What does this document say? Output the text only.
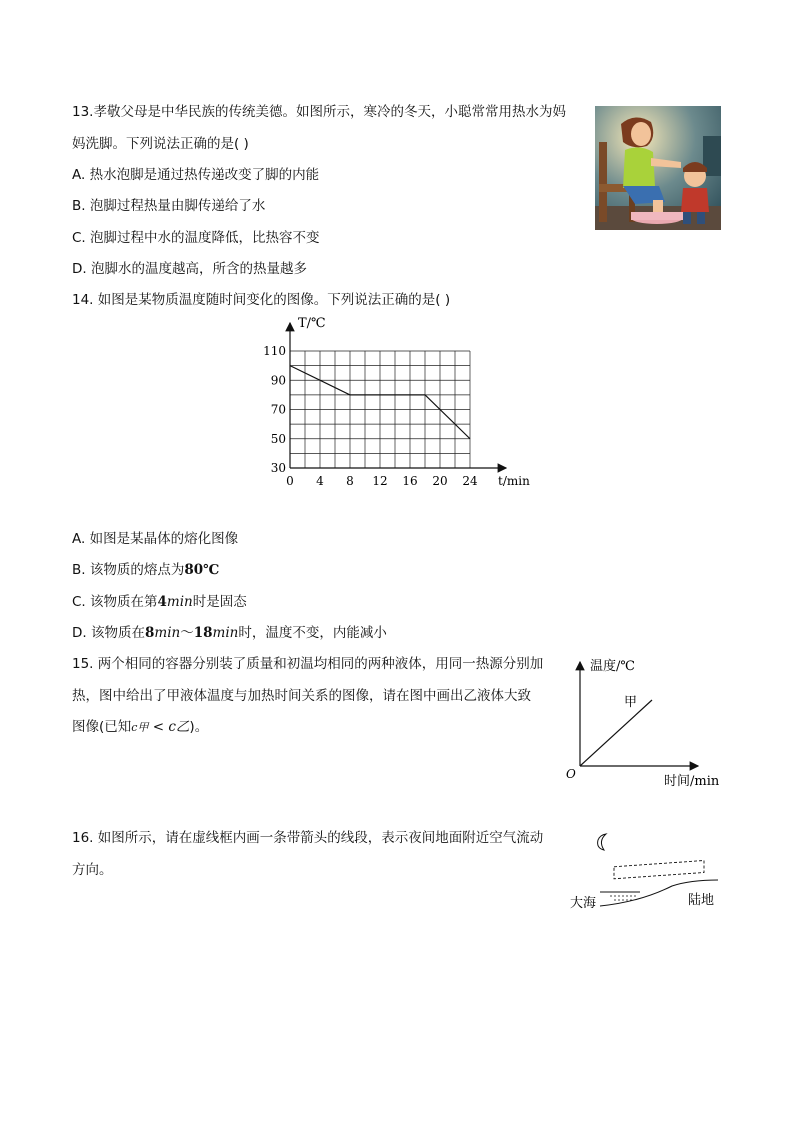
13.孝敬父母是中华民族的传统美德。如图所示，寒冷的冬天，小聪常常用热水为妈
妈洗脚。下列说法正确的是( )
A. 热水泡脚是通过热传递改变了脚的内能
B. 泡脚过程热量由脚传递给了水
C. 泡脚过程中水的温度降低，比热容不变
D. 泡脚水的温度越高，所含的热量越多
14. 如图是某物质温度随时间变化的图像。下列说法正确的是( )
0 4 8 12 16 20 24
30
50
70
90
110
T/℃
t/min
A. 如图是某晶体的熔化图像
B. 该物质的熔点为80℃
C. 该物质在第4min时是固态
D. 该物质在8min～18min时，温度不变，内能减小
15. 两个相同的容器分别装了质量和初温均相同的两种液体，用同一热源分别加
热，图中给出了甲液体温度与加热时间关系的图像，请在图中画出乙液体大致
图像(已知c甲 < c乙)。
温度/℃
甲
O	时间/min
16. 如图所示，请在虚线框内画一条带箭头的线段，表示夜间地面附近空气流动
方向。
大海	陆地
